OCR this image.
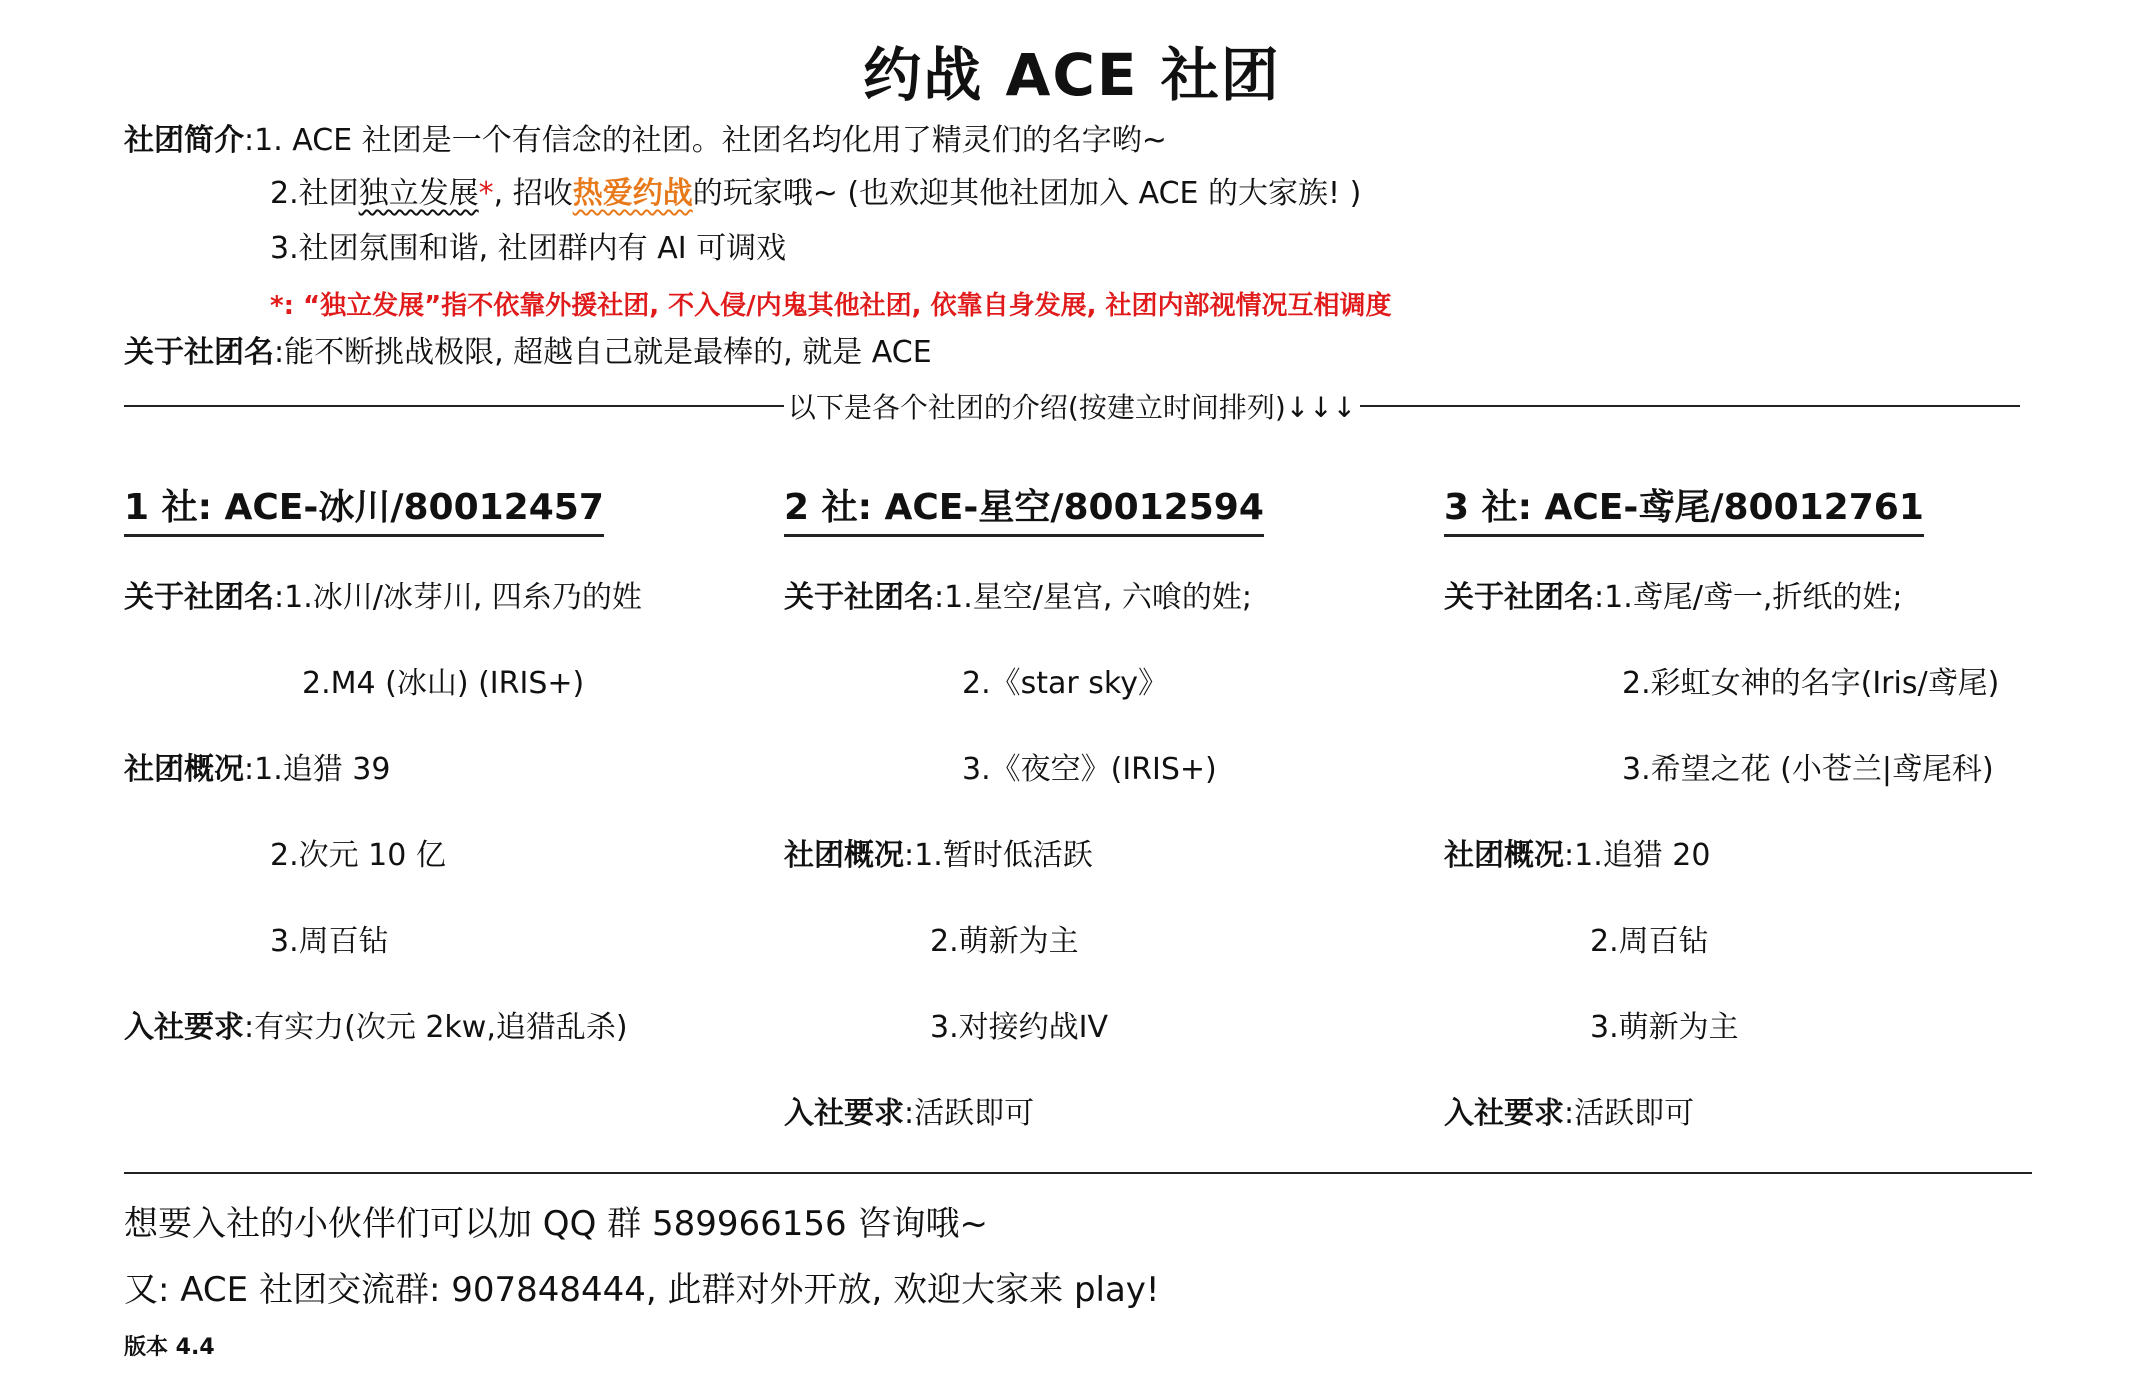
约战 ACE 社团
社团简介:1. ACE 社团是一个有信念的社团。社团名均化用了精灵们的名字哟~
2.社团独立发展*, 招收热爱约战的玩家哦~ (也欢迎其他社团加入 ACE 的大家族! )
3.社团氛围和谐, 社团群内有 AI 可调戏
*: “独立发展”指不依靠外援社团, 不入侵/内鬼其他社团, 依靠自身发展, 社团内部视情况互相调度
关于社团名:能不断挑战极限, 超越自己就是最棒的, 就是 ACE
以下是各个社团的介绍(按建立时间排列)↓↓↓
1 社: ACE-冰川/80012457
关于社团名:1.冰川/冰芽川, 四糸乃的姓
2.M4 (冰山) (IRIS+)
社团概况:1.追猎 39
2.次元 10 亿
3.周百钻
入社要求:有实力(次元 2kw,追猎乱杀)
2 社: ACE-星空/80012594
关于社团名:1.星空/星宫, 六喰的姓;
2.《star sky》
3.《夜空》(IRIS+)
社团概况:1.暂时低活跃
2.萌新为主
3.对接约战IV
入社要求:活跃即可
3 社: ACE-鸢尾/80012761
关于社团名:1.鸢尾/鸢一,折纸的姓;
2.彩虹女神的名字(Iris/鸢尾)
3.希望之花 (小苍兰|鸢尾科)
社团概况:1.追猎 20
2.周百钻
3.萌新为主
入社要求:活跃即可
想要入社的小伙伴们可以加 QQ 群 589966156 咨询哦~
又: ACE 社团交流群: 907848444, 此群对外开放, 欢迎大家来 play!
版本 4.4
